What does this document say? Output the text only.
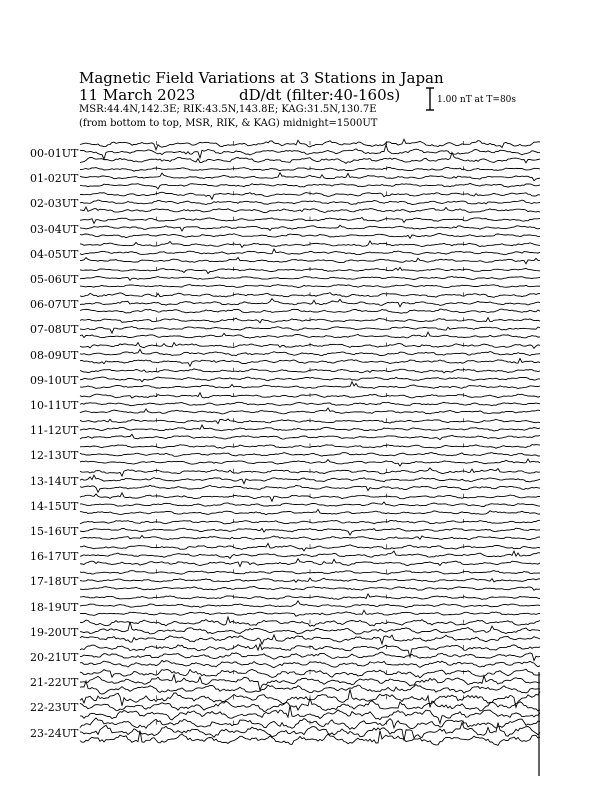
Magnetic Field Variations at 3 Stations in Japan
11 March 2023	dD/dt (filter:40-160s)
MSR:44.4N,142.3E; RIK:43.5N,143.8E; KAG:31.5N,130.7E
(from bottom to top, MSR, RIK, & KAG) midnight=1500UT
1.00 nT at T=80s
00-01UT
01-02UT
02-03UT
03-04UT
04-05UT
05-06UT
06-07UT
07-08UT
08-09UT
09-10UT
10-11UT
11-12UT
12-13UT
13-14UT
14-15UT
15-16UT
16-17UT
17-18UT
18-19UT
19-20UT
20-21UT
21-22UT
22-23UT
23-24UT
